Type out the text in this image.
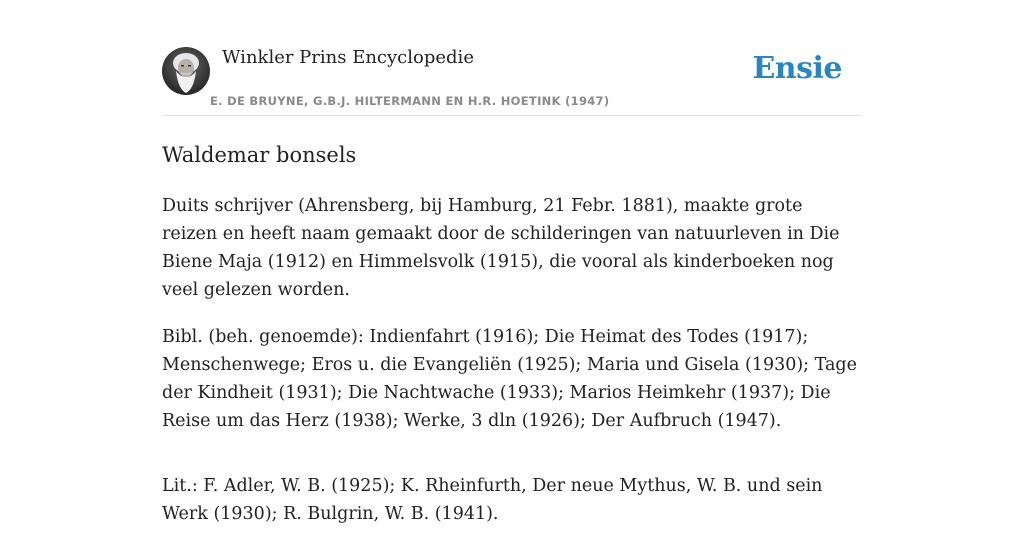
Winkler Prins Encyclopedie	Ensie
E. DE BRUYNE, G.B.J. HILTERMANN EN H.R. HOETINK (1947)
Waldemar bonsels

Duits schrijver (Ahrensberg, bij Hamburg, 21 Febr. 1881), maakte grote reizen en heeft naam gemaakt door de schilderingen van natuurleven in Die Biene Maja (1912) en Himmelsvolk (1915), die vooral als kinderboeken nog veel gelezen worden.

Bibl. (beh. genoemde): Indienfahrt (1916); Die Heimat des Todes (1917); Menschenwege; Eros u. die Evangeliën (1925); Maria und Gisela (1930); Tage der Kindheit (1931); Die Nachtwache (1933); Marios Heimkehr (1937); Die Reise um das Herz (1938); Werke, 3 dln (1926); Der Aufbruch (1947).

Lit.: F. Adler, W. B. (1925); K. Rheinfurth, Der neue Mythus, W. B. und sein Werk (1930); R. Bulgrin, W. B. (1941).
